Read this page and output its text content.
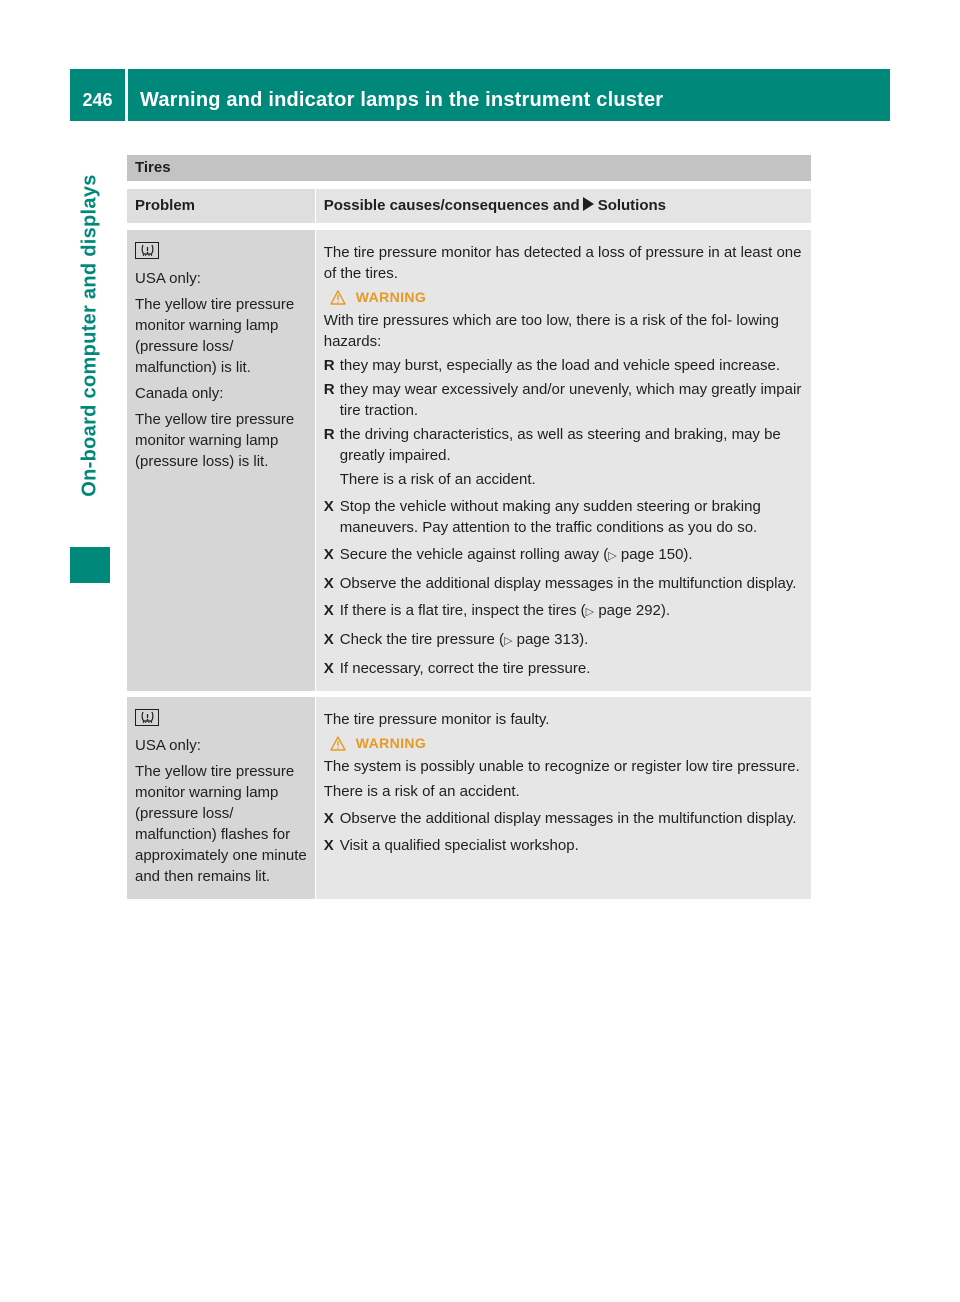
246	Warning and indicator lamps in the instrument cluster
On-board computer and displays
Tires
Problem	Possible causes/consequences and Solutions

USA only:

The yellow tire pressure monitor warning lamp (pressure loss/ malfunction) is lit.

Canada only:

The yellow tire pressure monitor warning lamp (pressure loss) is lit.

The tire pressure monitor has detected a loss of pressure in at least one of the tires.

WARNING

With tire pressures which are too low, there is a risk of the fol- lowing hazards:

R they may burst, especially as the load and vehicle speed increase.
R they may wear excessively and/or unevenly, which may greatly impair tire traction.
R the driving characteristics, as well as steering and braking, may be greatly impaired.

There is a risk of an accident.

X Stop the vehicle without making any sudden steering or braking maneuvers. Pay attention to the traffic conditions as you do so.
X Secure the vehicle against rolling away (▷ page 150).
X Observe the additional display messages in the multifunction display.
X If there is a flat tire, inspect the tires (▷ page 292).
X Check the tire pressure (▷ page 313).
X If necessary, correct the tire pressure.

USA only:

The yellow tire pressure monitor warning lamp (pressure loss/ malfunction) flashes for approximately one minute and then remains lit.

The tire pressure monitor is faulty.

WARNING

The system is possibly unable to recognize or register low tire pressure.

There is a risk of an accident.

X Observe the additional display messages in the multifunction display.
X Visit a qualified specialist workshop.
